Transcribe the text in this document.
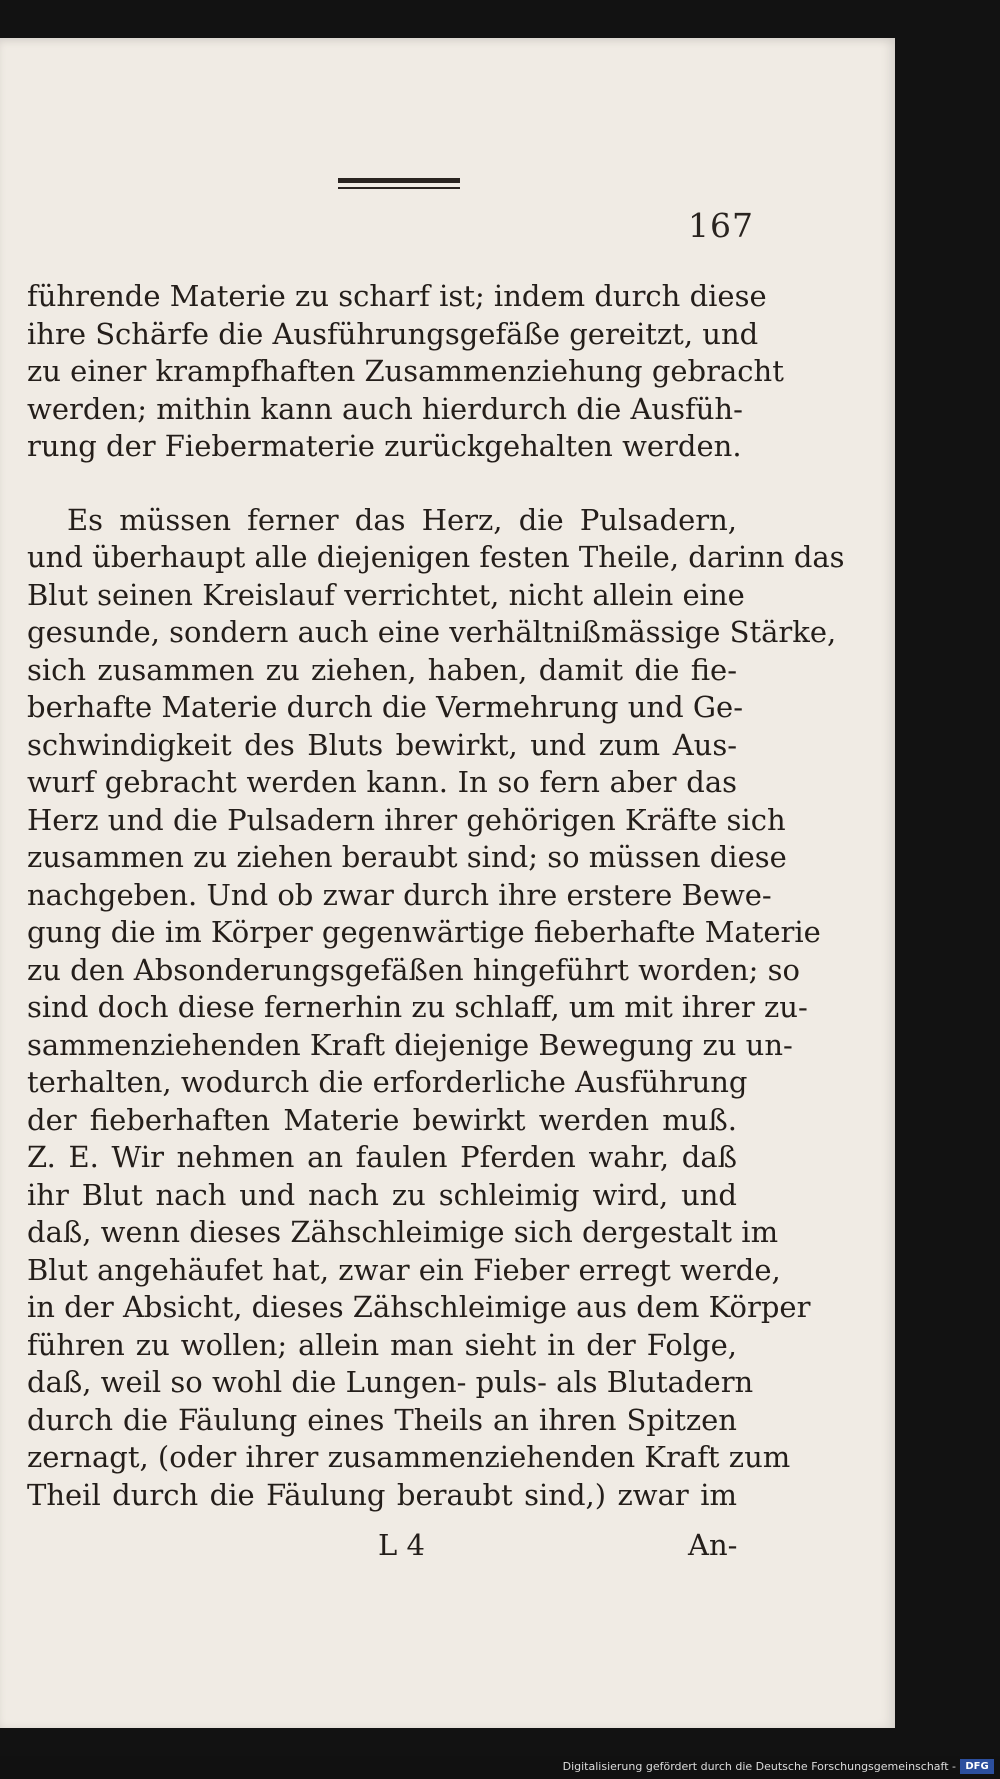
167
führende Materie zu scharf ist; indem durch diese
ihre Schärfe die Ausführungsgefäße gereitzt, und
zu einer krampfhaften Zusammenziehung gebracht
werden; mithin kann auch hierdurch die Ausfüh-
rung der Fiebermaterie zurückgehalten werden.
Es müssen ferner das Herz, die Pulsadern,
und überhaupt alle diejenigen festen Theile, darinn das
Blut seinen Kreislauf verrichtet, nicht allein eine
gesunde, sondern auch eine verhältnißmässige Stärke,
sich zusammen zu ziehen, haben, damit die fie-
berhafte Materie durch die Vermehrung und Ge-
schwindigkeit des Bluts bewirkt, und zum Aus-
wurf gebracht werden kann. In so fern aber das
Herz und die Pulsadern ihrer gehörigen Kräfte sich
zusammen zu ziehen beraubt sind; so müssen diese
nachgeben. Und ob zwar durch ihre erstere Bewe-
gung die im Körper gegenwärtige fieberhafte Materie
zu den Absonderungsgefäßen hingeführt worden; so
sind doch diese fernerhin zu schlaff, um mit ihrer zu-
sammenziehenden Kraft diejenige Bewegung zu un-
terhalten, wodurch die erforderliche Ausführung
der fieberhaften Materie bewirkt werden muß.
Z. E. Wir nehmen an faulen Pferden wahr, daß
ihr Blut nach und nach zu schleimig wird, und
daß, wenn dieses Zähschleimige sich dergestalt im
Blut angehäufet hat, zwar ein Fieber erregt werde,
in der Absicht, dieses Zähschleimige aus dem Körper
führen zu wollen; allein man sieht in der Folge,
daß, weil so wohl die Lungen- puls- als Blutadern
durch die Fäulung eines Theils an ihren Spitzen
zernagt, (oder ihrer zusammenziehenden Kraft zum
Theil durch die Fäulung beraubt sind,) zwar im
L 4	An-
Digitalisierung gefördert durch die Deutsche Forschungsgemeinschaft - DFG
